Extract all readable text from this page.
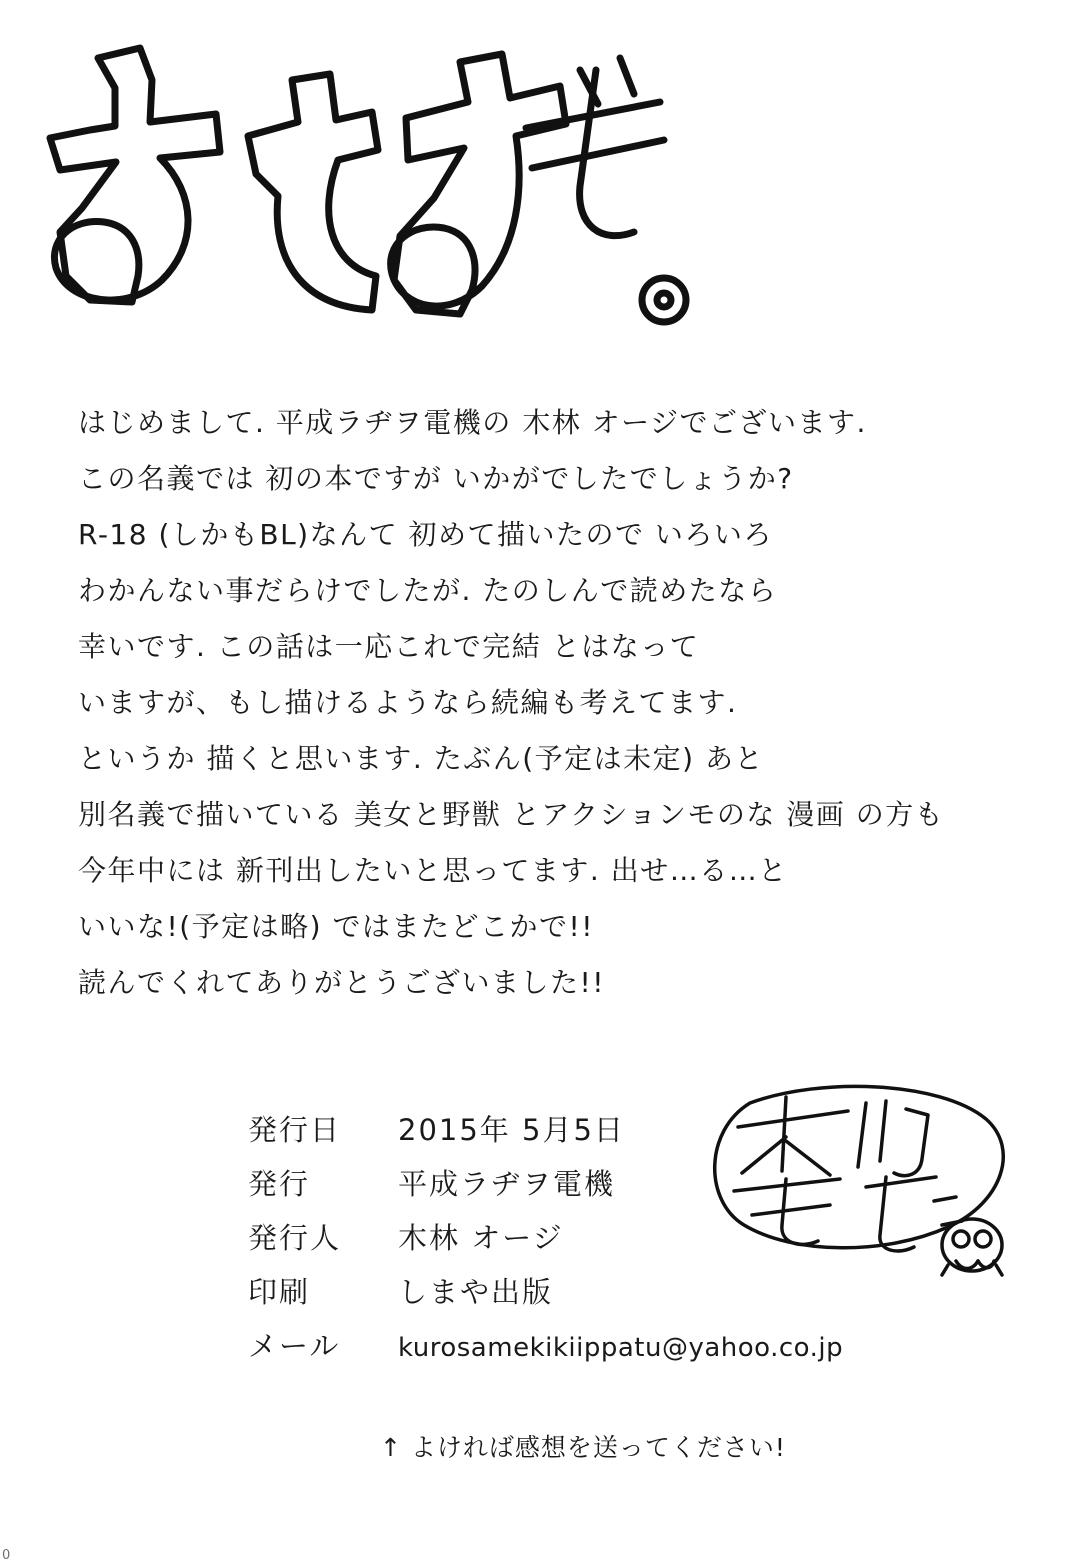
はじめまして. 平成ラヂヲ電機の 木林 オージでございます.
この名義では 初の本ですが いかがでしたでしょうか?
R-18 (しかもBL)なんて 初めて描いたので いろいろ
わかんない事だらけでしたが. たのしんで読めたなら
幸いです. この話は一応これで完結 とはなって
いますが、もし描けるようなら続編も考えてます.
というか 描くと思います. たぶん(予定は未定) あと
別名義で描いている 美女と野獣 とアクションモのな 漫画 の方も
今年中には 新刊出したいと思ってます. 出せ…る…と
いいな!(予定は略) ではまたどこかで!!
読んでくれてありがとうございました!!
発行日	2015年 5月5日
発行	平成ラヂヲ電機
発行人	木林 オージ
印刷	しまや出版
メール	kurosamekikiippatu@yahoo.co.jp
↑ よければ感想を送ってください!
0
